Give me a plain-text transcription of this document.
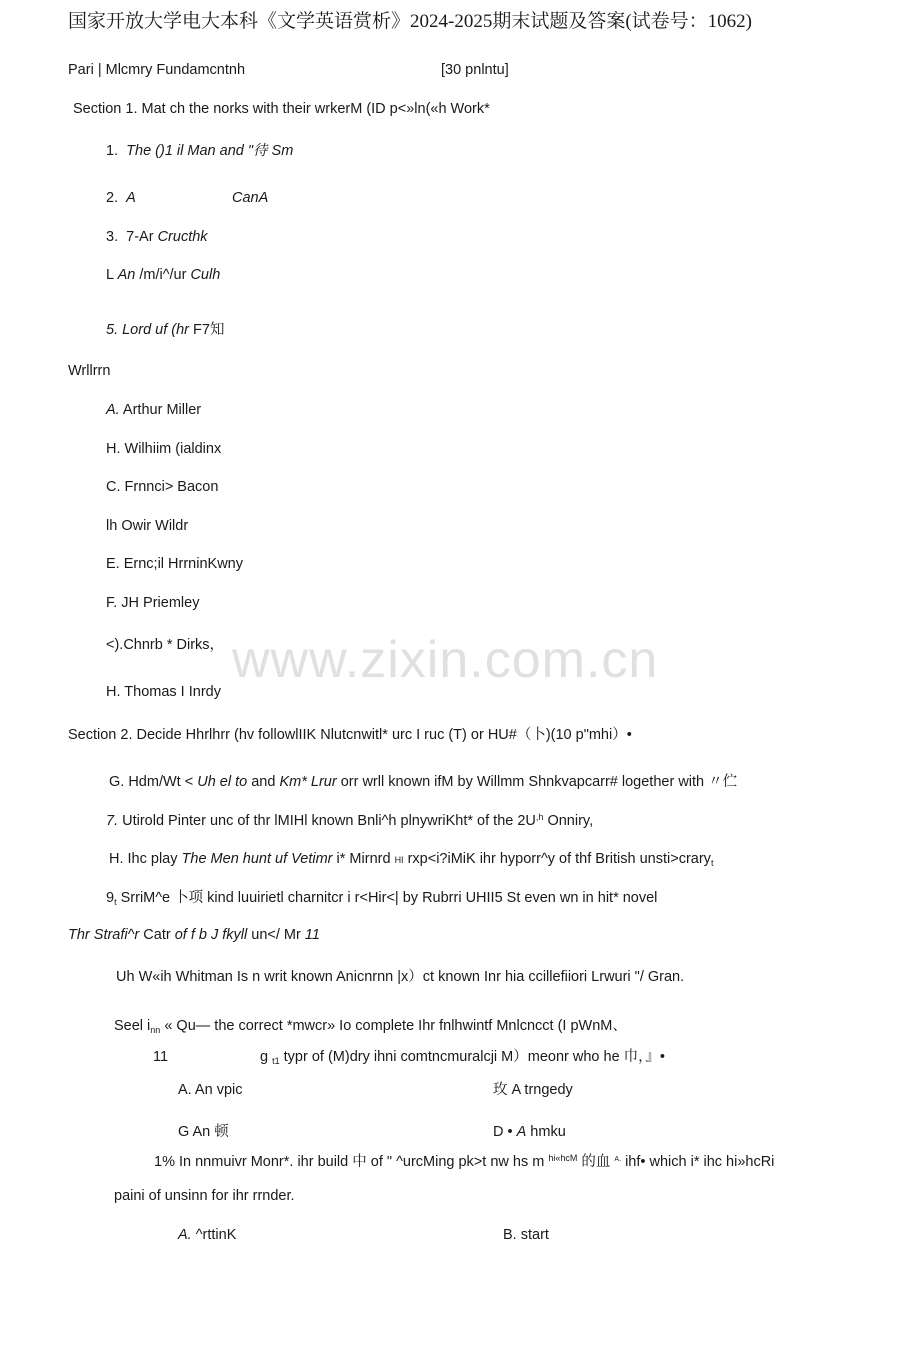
国家开放大学电大本科《文学英语赏析》2024-2025期末试题及答案(试卷号：1062)
Pari | Mlcmry Fundamcntnh	[30 pnlntu]
Section 1. Mat ch the norks with their wrkerM (ID p<»ln(«h Work*
1. The ()1 il Man and "待 Sm
2. A	CanA
3. 7-Ar Cructhk
L An /m/i^/ur Culh
5. Lord uf (hr F7知
Wrllrrn
A. Arthur Miller
H. Wilhiim (ialdinx
C. Frnnci> Bacon
lh Owir Wildr
E. Ernc;il HrrninKwny
F. JH Priemley
<).Chnrb * Dirks，
H. Thomas I Inrdy
www.zixin.com.cn
Section 2. Decide Hhrlhrr (hv followlIIK Nlutcnwitl* urc I ruc (T) or HU#（卜)(10 p"mhi）•
G. Hdm/Wt < Uh el to and Km* Lrur orr wrll known ifM by Willmm Shnkvapcarr# logether with 〃伫
7. Utirold Pinter unc of thr lMIHl known Bnli^h plnywriKht* of the $2U^{,h}$ Onniry,
H. Ihc play The Men hunt uf Vetimr i* Mirnrd HI rxp<i?iMiK ihr hyporr^y of thf British unsti>crary$_t$
$9_t$ SrriM^e 卜项 kind luuirietl charnitcr i r<Hir<| by Rubrri UHII5 St even wn in hit* novel
Thr Strafi^r Catr of f b J fkyll un</ Mr 11
Uh W«ih Whitman Is n writ known Anicnrnn |x）ct known Inr hia ccillefiiori Lrwuri "/ Gran.
Seel $i_{nn}$ « Qu— the correct *mwcr» Io complete Ihr fnlhwintf Mnlcncct (I pWnM、
11	g $_{t1}$ typr of (M)dry ihni comtncmuralcji M）meonr who he 巾，』•
A. An vpic	玫 A trngedy
G An 顿	D • A hmku
1% In nnmuivr Monr*. ihr build 中 of " ^urcMing pk>t nw hs m $^{hi«hcM}$ 的血 $^{A.}$ ihf• which i* ihc hi»hcRi
paini of unsinn for ihr rrnder.
A. ^rttinK	B. start
